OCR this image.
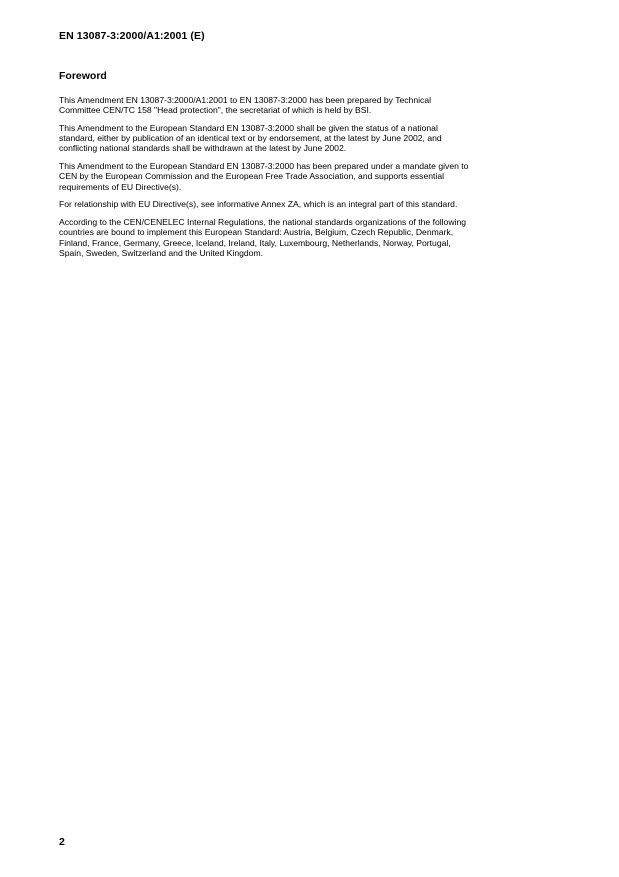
EN 13087-3:2000/A1:2001 (E)
Foreword

This Amendment EN 13087-3:2000/A1:2001 to EN 13087-3:2000 has been prepared by Technical
Committee CEN/TC 158 "Head protection", the secretariat of which is held by BSI.

This Amendment to the European Standard EN 13087-3:2000 shall be given the status of a national
standard, either by publication of an identical text or by endorsement, at the latest by June 2002, and
conflicting national standards shall be withdrawn at the latest by June 2002.

This Amendment to the European Standard EN 13087-3:2000 has been prepared under a mandate given to
CEN by the European Commission and the European Free Trade Association, and supports essential
requirements of EU Directive(s).

For relationship with EU Directive(s), see informative Annex ZA, which is an integral part of this standard.

According to the CEN/CENELEC Internal Regulations, the national standards organizations of the following
countries are bound to implement this European Standard: Austria, Belgium, Czech Republic, Denmark,
Finland, France, Germany, Greece, Iceland, Ireland, Italy, Luxembourg, Netherlands, Norway, Portugal,
Spain, Sweden, Switzerland and the United Kingdom.

2
